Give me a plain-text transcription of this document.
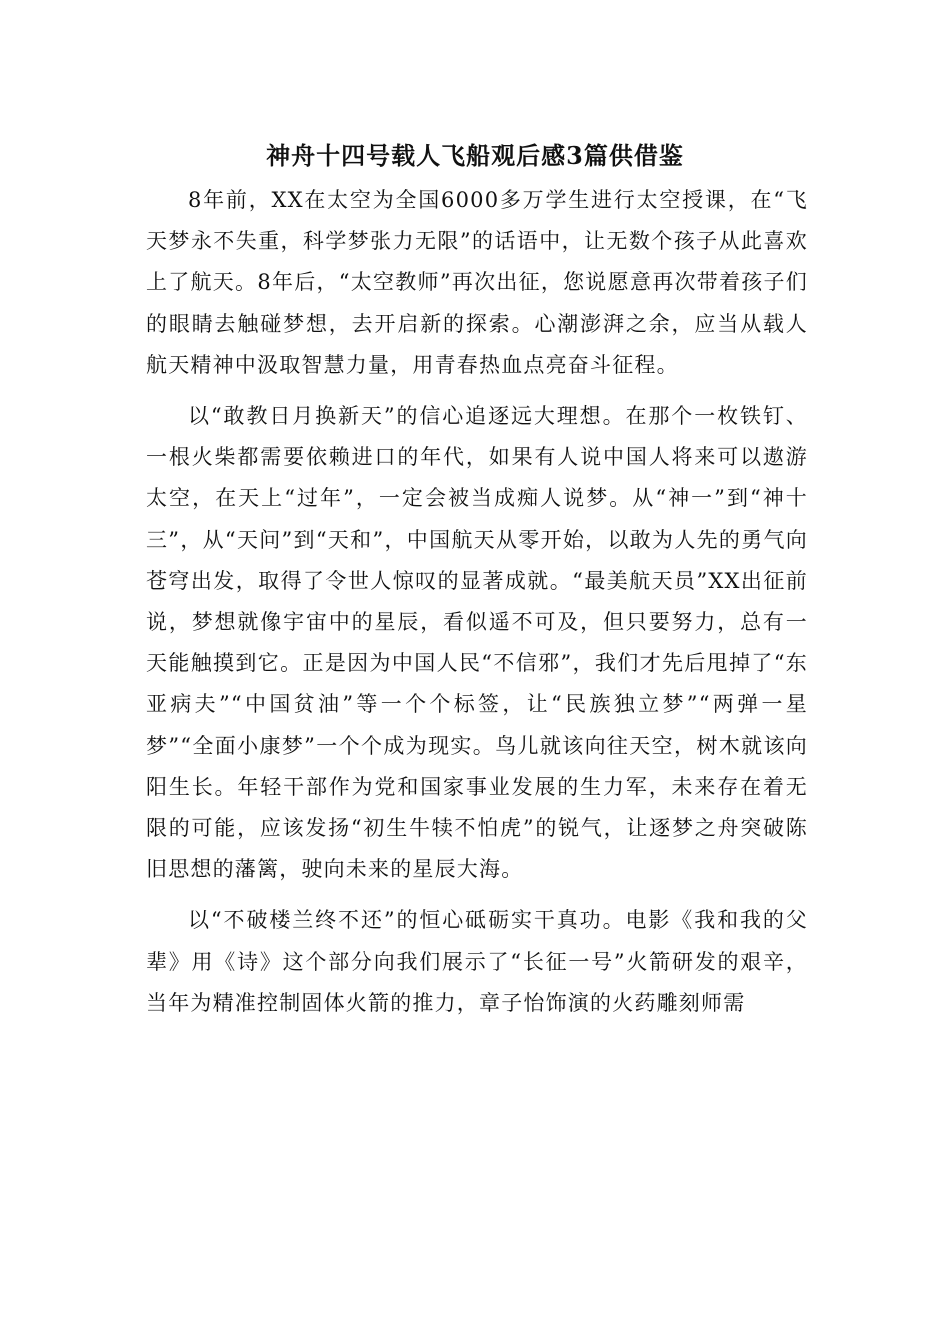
神舟十四号载人飞船观后感3篇供借鉴

8年前，XX在太空为全国6000多万学生进行太空授课，在“飞天梦永不失重，科学梦张力无限”的话语中，让无数个孩子从此喜欢上了航天。8年后，“太空教师”再次出征，您说愿意再次带着孩子们的眼睛去触碰梦想，去开启新的探索。心潮澎湃之余，应当从载人航天精神中汲取智慧力量，用青春热血点亮奋斗征程。

以“敢教日月换新天”的信心追逐远大理想。在那个一枚铁钉、一根火柴都需要依赖进口的年代，如果有人说中国人将来可以遨游太空，在天上“过年”，一定会被当成痴人说梦。从“神一”到“神十三”，从“天问”到“天和”，中国航天从零开始，以敢为人先的勇气向苍穹出发，取得了令世人惊叹的显著成就。“最美航天员”XX出征前说，梦想就像宇宙中的星辰，看似遥不可及，但只要努力，总有一天能触摸到它。正是因为中国人民“不信邪”，我们才先后甩掉了“东亚病夫”“中国贫油”等一个个标签，让“民族独立梦”“两弹一星梦”“全面小康梦”一个个成为现实。鸟儿就该向往天空，树木就该向阳生长。年轻干部作为党和国家事业发展的生力军，未来存在着无限的可能，应该发扬“初生牛犊不怕虎”的锐气，让逐梦之舟突破陈旧思想的藩篱，驶向未来的星辰大海。

以“不破楼兰终不还”的恒心砥砺实干真功。电影《我和我的父辈》用《诗》这个部分向我们展示了“长征一号”火箭研发的艰辛，当年为精准控制固体火箭的推力，章子怡饰演的火药雕刻师需
